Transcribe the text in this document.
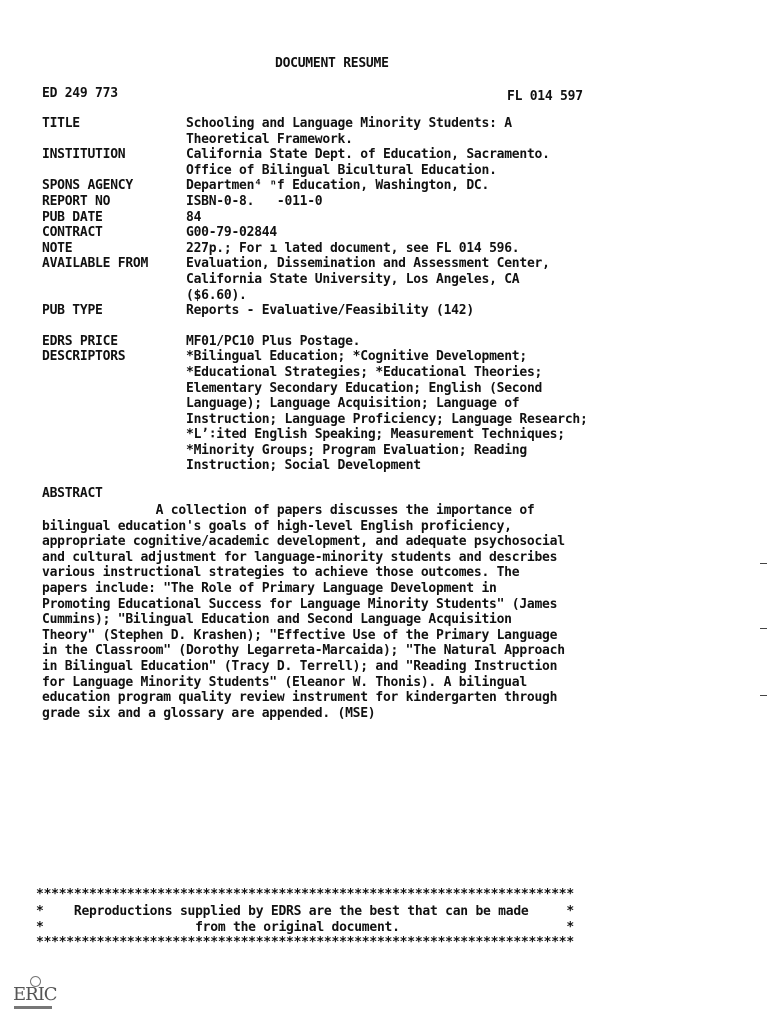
DOCUMENT RESUME
ED 249 773	FL 014 597
TITLE	Schooling and Language Minority Students: A
Theoretical Framework.
INSTITUTION	California State Dept. of Education, Sacramento.
Office of Bilingual Bicultural Education.
SPONS AGENCY	Departmen⁴ ⁿf Education, Washington, DC.
REPORT NO	ISBN-0-8.   -011-0
PUB DATE	84
CONTRACT	G00-79-02844
NOTE	227p.; For ı lated document, see FL 014 596.
AVAILABLE FROM	Evaluation, Dissemination and Assessment Center,
California State University, Los Angeles, CA
($6.60).
PUB TYPE	Reports - Evaluative/Feasibility (142)
EDRS PRICE	MF01/PC10 Plus Postage.
DESCRIPTORS	*Bilingual Education; *Cognitive Development;
*Educational Strategies; *Educational Theories;
Elementary Secondary Education; English (Second
Language); Language Acquisition; Language of
Instruction; Language Proficiency; Language Research;
*Lʼ∶ited English Speaking; Measurement Techniques;
*Minority Groups; Program Evaluation; Reading
Instruction; Social Development
ABSTRACT
A collection of papers discusses the importance of
bilingual education's goals of high-level English proficiency,
appropriate cognitive/academic development, and adequate psychosocial
and cultural adjustment for language-minority students and describes
various instructional strategies to achieve those outcomes. The
papers include: "The Role of Primary Language Development in
Promoting Educational Success for Language Minority Students" (James
Cummins); "Bilingual Education and Second Language Acquisition
Theory" (Stephen D. Krashen); "Effective Use of the Primary Language
in the Classroom" (Dorothy Legarreta-Marcaida); "The Natural Approach
in Bilingual Education" (Tracy D. Terrell); and "Reading Instruction
for Language Minority Students" (Eleanor W. Thonis). A bilingual
education program quality review instrument for kindergarten through
grade six and a glossary are appended. (MSE)
***********************************************************************
*    Reproductions supplied by EDRS are the best that can be made     *
*                    from the original document.                      *
***********************************************************************
ERIC
